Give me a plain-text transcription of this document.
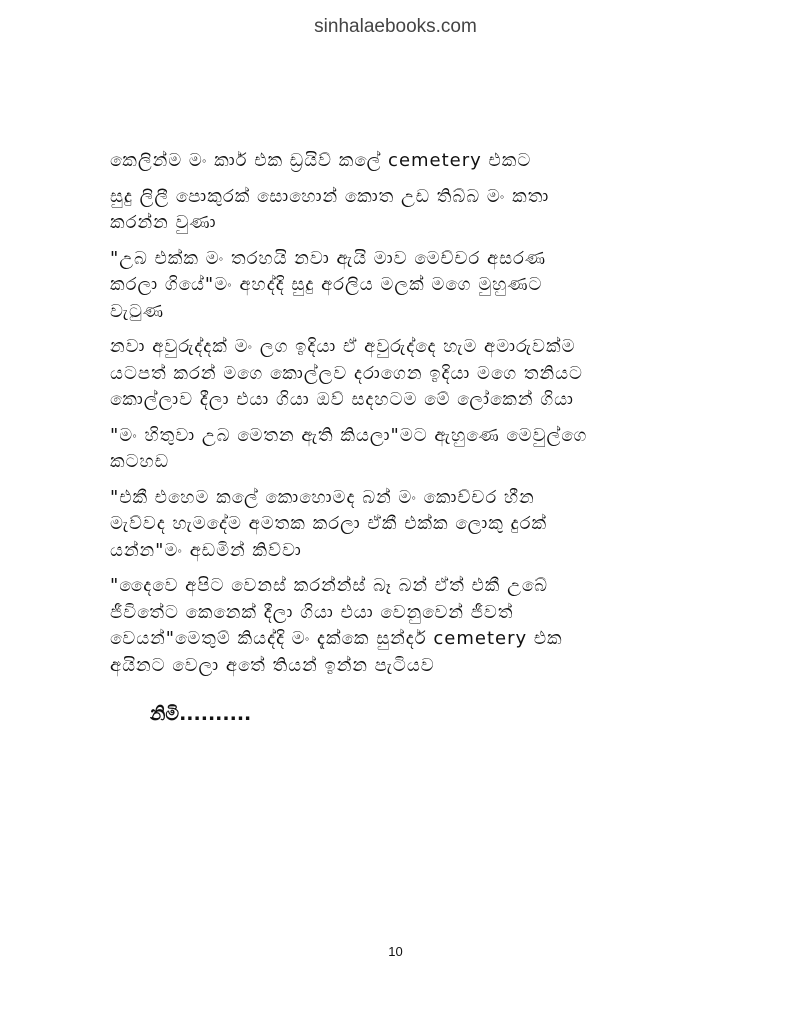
sinhalaebooks.com
කෙලින්ම මං කාර් එක ඩ්‍රයිව් කලේ cemetery එකට
සුදු ලිලී පොකුරක් සොහොන් කොත උඩ තිබ්බ මං කතා
කරන්න වුණා
"උබ එක්ක මං තරහයි නවා ඇයි මාව මෙච්චර අසරණ
කරලා ගියේ"මං අහද්දි සුදු අරලිය මලක් මගෙ මුහුණට
වැටුණ
නවා අවුරුද්දක් මං ලග ඉදියා ඒ අවුරුද්දෙ හැම අමාරුවක්ම
යටපත් කරන් මගෙ කොල්ලව දරාගෙන ඉදියා මගෙ තනියට
කොල්ලාව දීලා එයා ගියා ඔව් සදහටම මේ ලෝකෙන් ගියා
"මං හිතුවා උබ මෙතන ඇති කියලා"මට ඇහුණෙ මෙවුල්ගෙ
කටහඩ
"එකී එහෙම කලේ කොහොමද බන් මං කොච්චර හීන
මැව්වද හැමදේම අමතක කරලා ඒකී එක්ක ලොකු දුරක්
යන්න"මං අඩමින් කිව්වා
"දෛවෙ අපිට වෙනස් කරන්න්ස් බෑ බන් ඒත් එකී උබේ
ජීවිතේට කෙනෙක් දීලා ගියා එයා වෙනුවෙන් ජීවත්
වෙයන්"මෙතුම් කියද්දි මං දැක්කෙ සුන්දර් cemetery එක
අයිනට වෙලා අතේ තියන් ඉන්න පැටියව
නිමි..........
10
